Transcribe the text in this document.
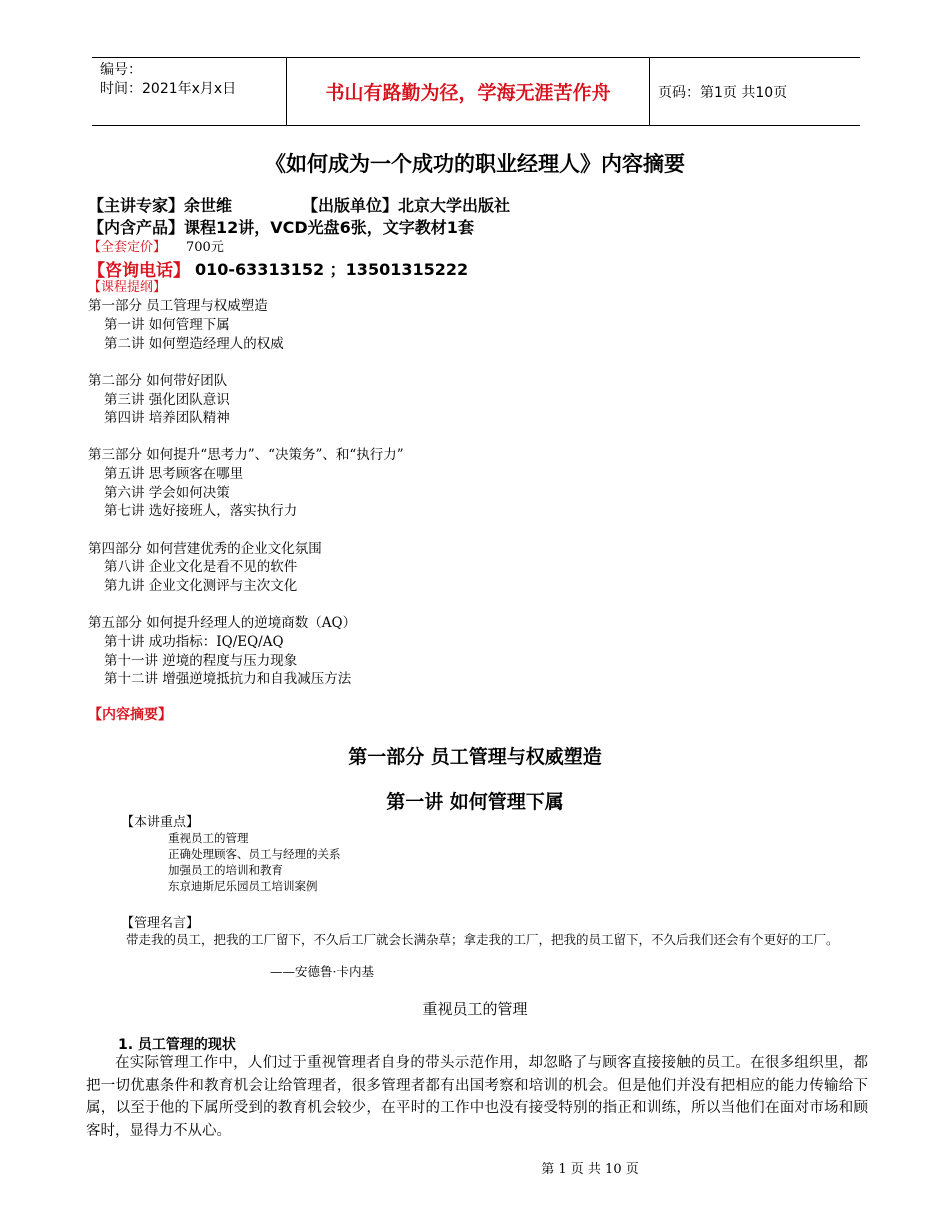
编号：
时间：2021年x月x日	书山有路勤为径，学海无涯苦作舟	页码：第1页 共10页
《如何成为一个成功的职业经理人》内容摘要
【主讲专家】余世维	【出版单位】北京大学出版社
【内含产品】课程12讲，VCD光盘6张，文字教材1套
【全套定价】 700元
【咨询电话】 010-63313152 ；13501315222
【课程提纲】
第一部分 员工管理与权威塑造
第一讲 如何管理下属
第二讲 如何塑造经理人的权威
第二部分 如何带好团队
第三讲 强化团队意识
第四讲 培养团队精神
第三部分 如何提升“思考力”、“决策务”、和“执行力”
第五讲 思考顾客在哪里
第六讲 学会如何决策
第七讲 选好接班人，落实执行力
第四部分 如何营建优秀的企业文化氛围
第八讲 企业文化是看不见的软件
第九讲 企业文化测评与主次文化
第五部分 如何提升经理人的逆境商数（AQ）
第十讲 成功指标：IQ/EQ/AQ
第十一讲 逆境的程度与压力现象
第十二讲 增强逆境抵抗力和自我减压方法
【内容摘要】
第一部分 员工管理与权威塑造
第一讲 如何管理下属
【本讲重点】
重视员工的管理
正确处理顾客、员工与经理的关系
加强员工的培训和教育
东京迪斯尼乐园员工培训案例
【管理名言】
带走我的员工，把我的工厂留下，不久后工厂就会长满杂草；拿走我的工厂，把我的员工留下，不久后我们还会有个更好的工厂。
——安德鲁·卡内基
重视员工的管理
1. 员工管理的现状

在实际管理工作中，人们过于重视管理者自身的带头示范作用，却忽略了与顾客直接接触的员工。在很多组织里，都把一切优惠条件和教育机会让给管理者，很多管理者都有出国考察和培训的机会。但是他们并没有把相应的能力传输给下属，以至于他的下属所受到的教育机会较少，在平时的工作中也没有接受特别的指正和训练，所以当他们在面对市场和顾客时，显得力不从心。

第 1 页 共 10 页
